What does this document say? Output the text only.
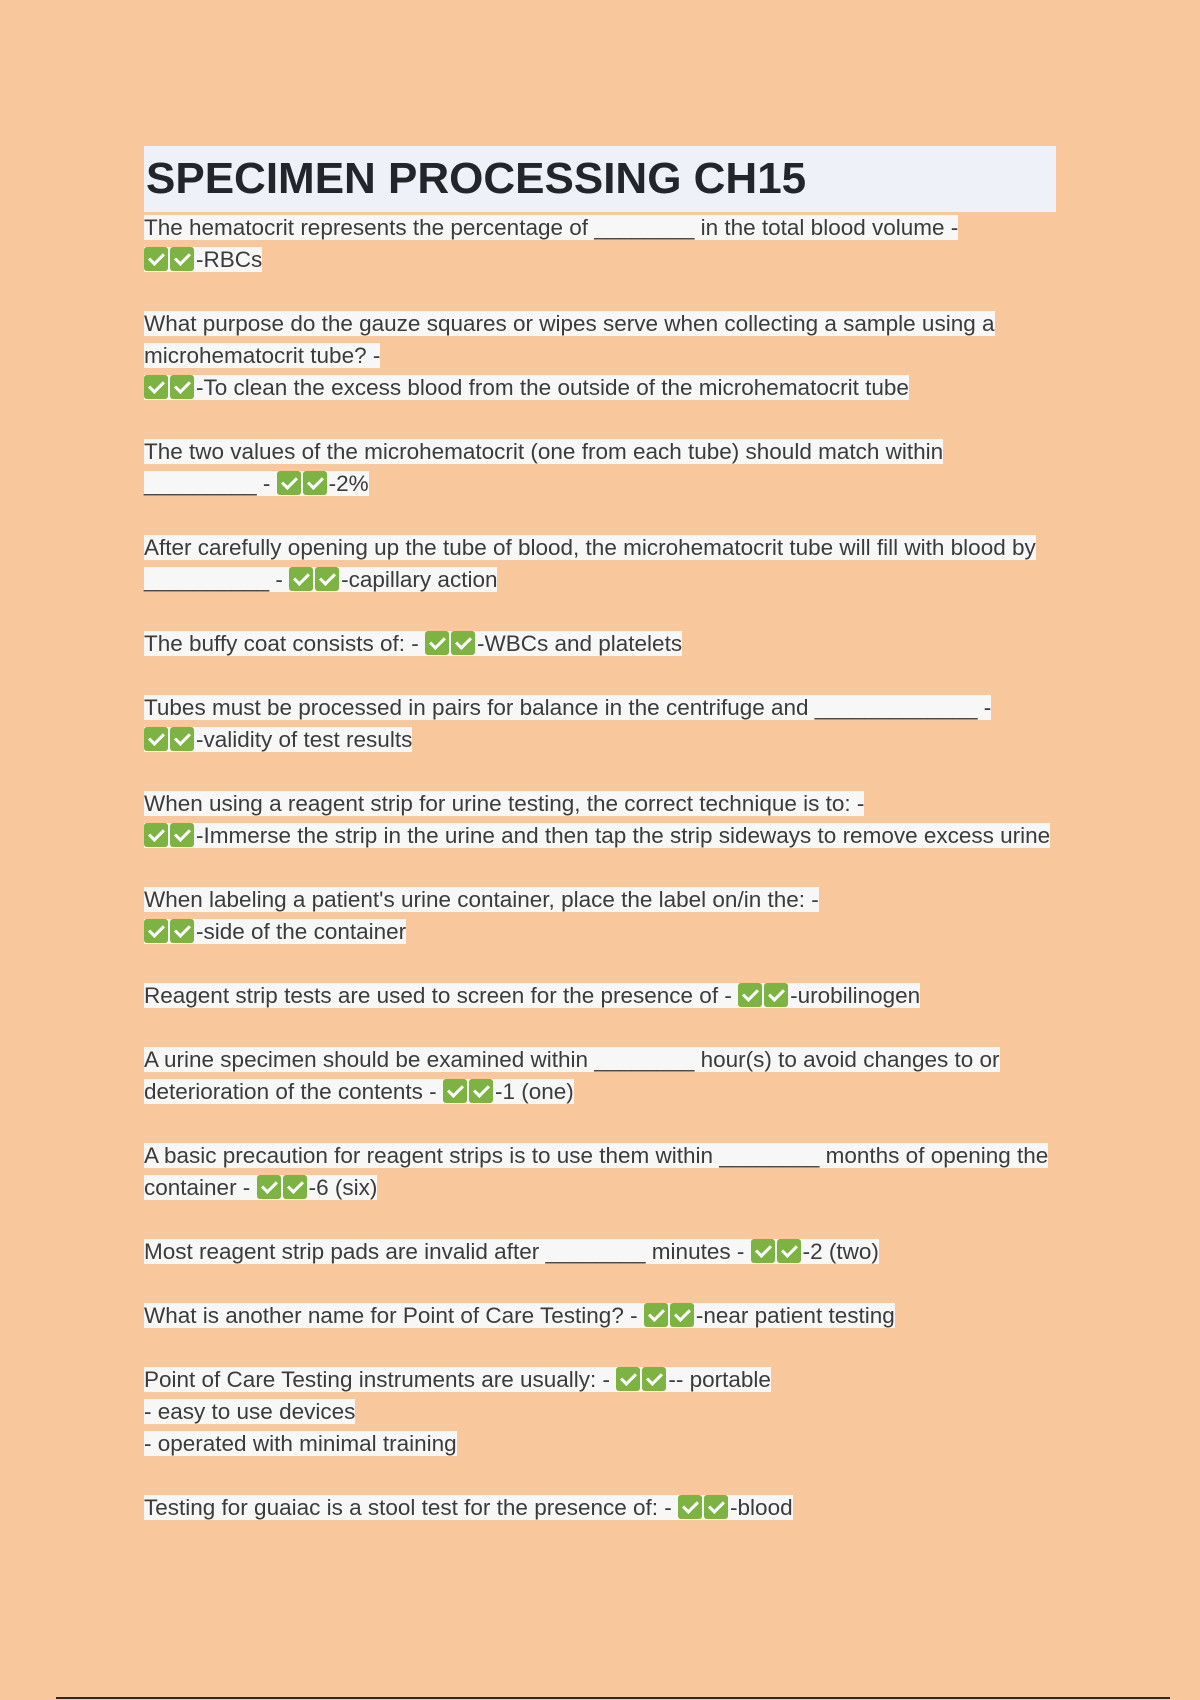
SPECIMEN PROCESSING CH15

The hematocrit represents the percentage of ________ in the total blood volume - -RBCs

What purpose do the gauze squares or wipes serve when collecting a sample using a microhematocrit tube? - -To clean the excess blood from the outside of the microhematocrit tube

The two values of the microhematocrit (one from each tube) should match within _________ -	-2%

After carefully opening up the tube of blood, the microhematocrit tube will fill with blood by __________ -	-capillary action

The buffy coat consists of: -	-WBCs and platelets

Tubes must be processed in pairs for balance in the centrifuge and _____________ - -validity of test results

When using a reagent strip for urine testing, the correct technique is to: - -Immerse the strip in the urine and then tap the strip sideways to remove excess urine

When labeling a patient's urine container, place the label on/in the: - -side of the container

Reagent strip tests are used to screen for the presence of -	-urobilinogen

A urine specimen should be examined within ________ hour(s) to avoid changes to or deterioration of the contents -	-1 (one)

A basic precaution for reagent strips is to use them within ________ months of opening the container -	-6 (six)

Most reagent strip pads are invalid after ________ minutes -	-2 (two)

What is another name for Point of Care Testing? -	-near patient testing

Point of Care Testing instruments are usually: -	-- portable
- easy to use devices
- operated with minimal training

Testing for guaiac is a stool test for the presence of: -	-blood
